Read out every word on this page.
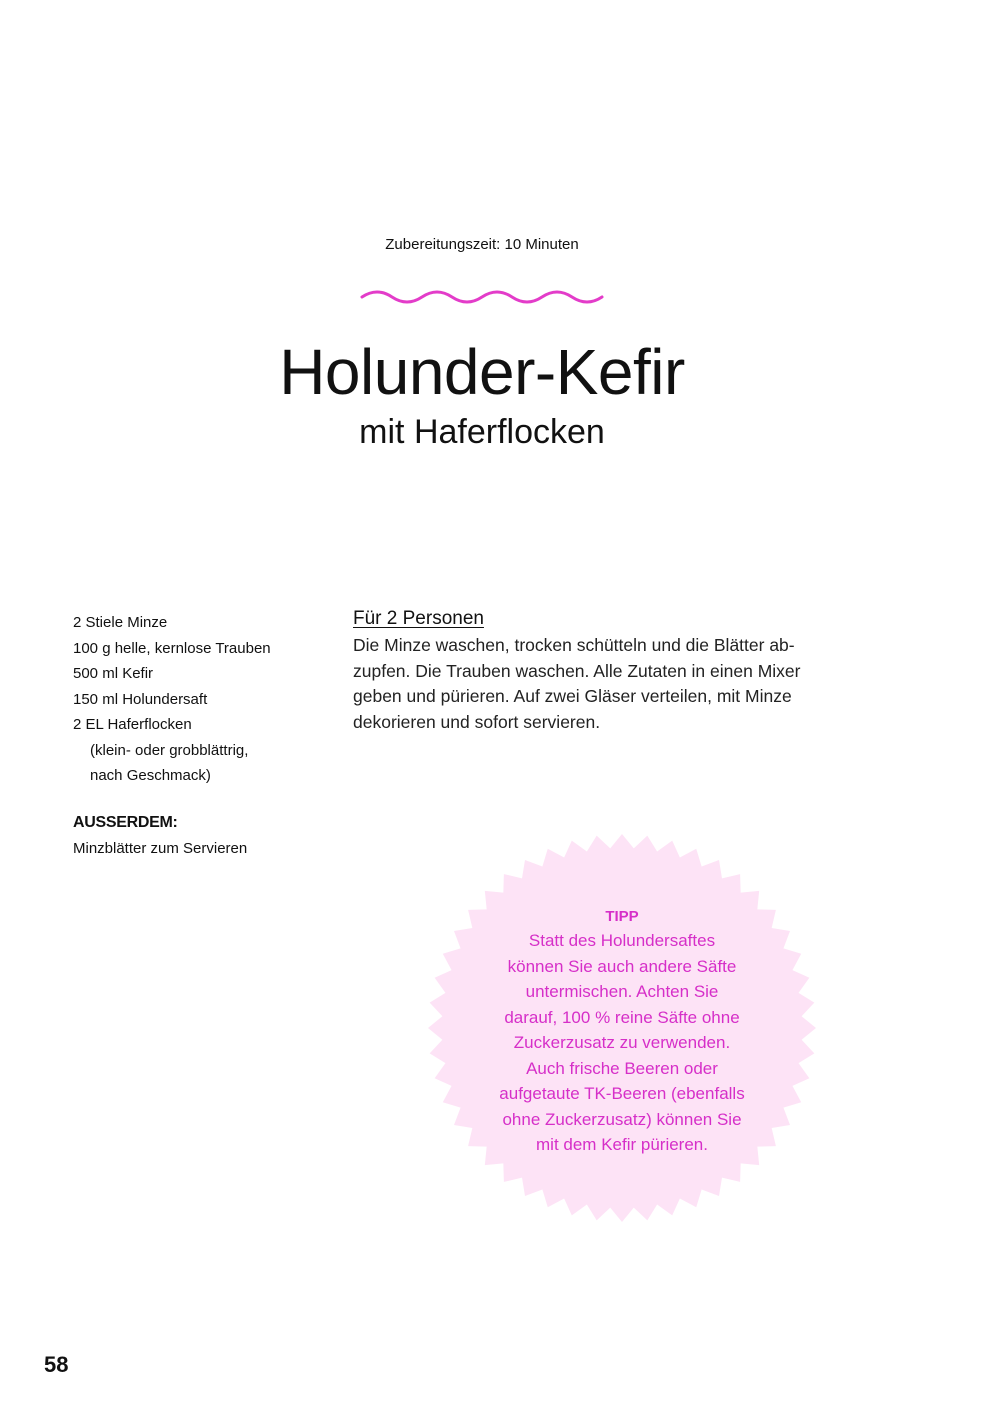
Zubereitungszeit: 10 Minuten
Holunder-Kefir
mit Haferflocken
2 Stiele Minze
100 g helle, kernlose Trauben
500 ml Kefir
150 ml Holundersaft
2 EL Haferflocken
(klein- oder grobblättrig,
nach Geschmack)
AUSSERDEM:
Minzblätter zum Servieren
Für 2 Personen
Die Minze waschen, trocken schütteln und die Blätter ab-
zupfen. Die Trauben waschen. Alle Zutaten in einen Mixer
geben und pürieren. Auf zwei Gläser verteilen, mit Minze
dekorieren und sofort servieren.
TIPP
Statt des Holundersaftes
können Sie auch andere Säfte
untermischen. Achten Sie
darauf, 100 % reine Säfte ohne
Zuckerzusatz zu verwenden.
Auch frische Beeren oder
aufgetaute TK-Beeren (ebenfalls
ohne Zuckerzusatz) können Sie
mit dem Kefir pürieren.
58
